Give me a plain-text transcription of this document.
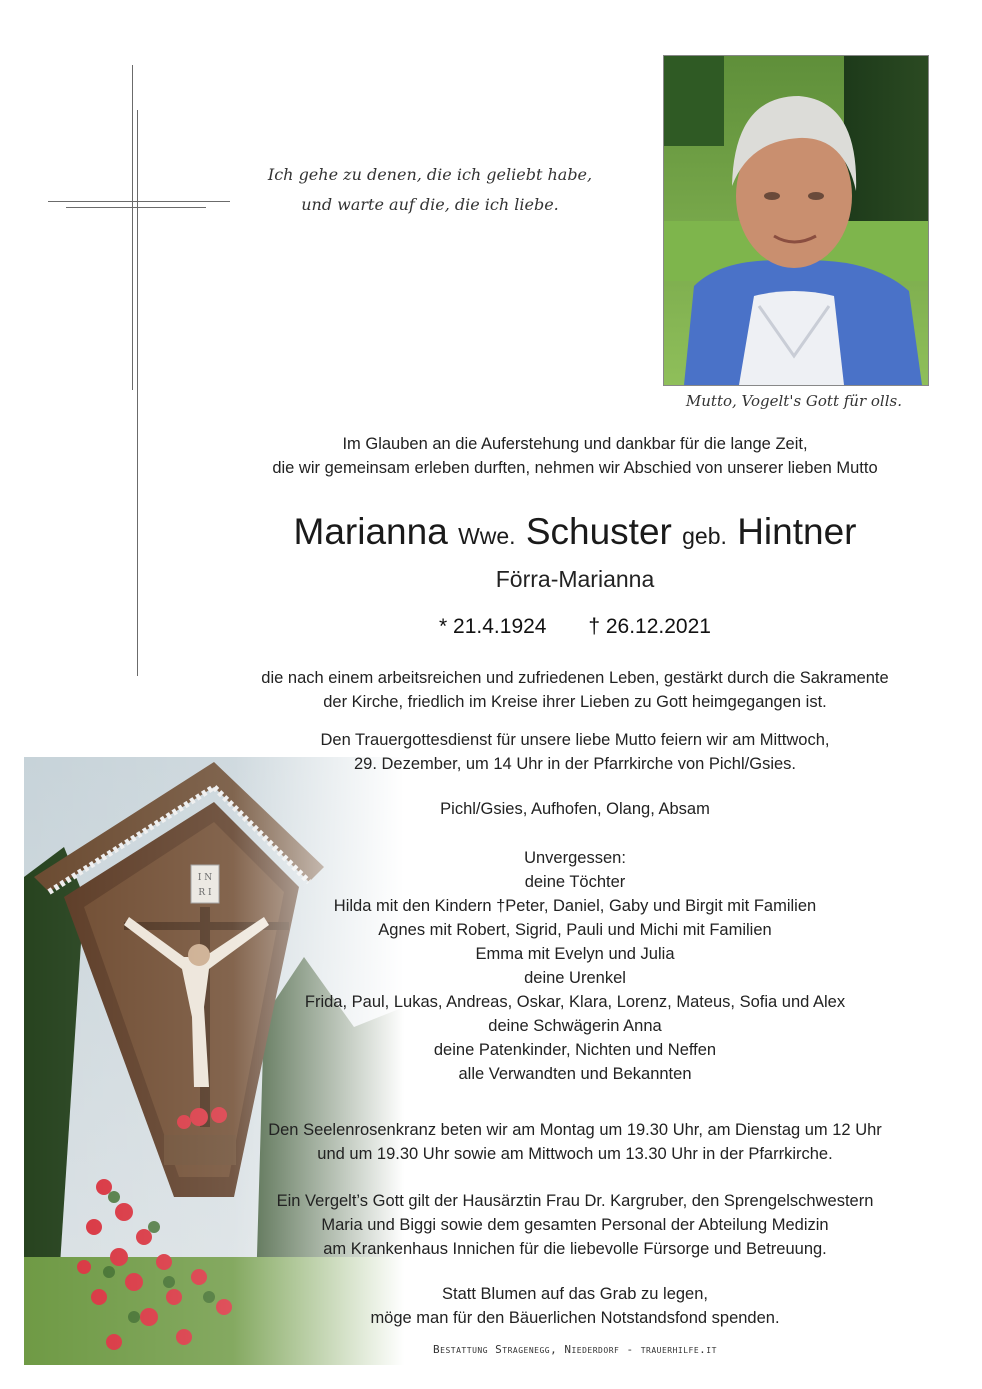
Ich gehe zu denen, die ich geliebt habe,
und warte auf die, die ich liebe.
Mutto, Vogelt's Gott für olls.

Im Glauben an die Auferstehung und dankbar für die lange Zeit,

die wir gemeinsam erleben durften, nehmen wir Abschied von unserer lieben Mutto

Marianna Wwe. Schuster geb. Hintner
Förra-Marianna
* 21.4.1924 † 26.12.2021

die nach einem arbeitsreichen und zufriedenen Leben, gestärkt durch die Sakramente

der Kirche, friedlich im Kreise ihrer Lieben zu Gott heimgegangen ist.

Den Trauergottesdienst für unsere liebe Mutto feiern wir am Mittwoch,

29. Dezember, um 14 Uhr in der Pfarrkirche von Pichl/Gsies.

Pichl/Gsies, Aufhofen, Olang, Absam

Unvergessen:

deine Töchter

Hilda mit den Kindern †Peter, Daniel, Gaby und Birgit mit Familien

Agnes mit Robert, Sigrid, Pauli und Michi mit Familien

Emma mit Evelyn und Julia

deine Urenkel

Frida, Paul, Lukas, Andreas, Oskar, Klara, Lorenz, Mateus, Sofia und Alex

deine Schwägerin Anna

deine Patenkinder, Nichten und Neffen

alle Verwandten und Bekannten

Den Seelenrosenkranz beten wir am Montag um 19.30 Uhr, am Dienstag um 12 Uhr

und um 19.30 Uhr sowie am Mittwoch um 13.30 Uhr in der Pfarrkirche.

Ein Vergelt’s Gott gilt der Hausärztin Frau Dr. Kargruber, den Sprengelschwestern

Maria und Biggi sowie dem gesamten Personal der Abteilung Medizin

am Krankenhaus Innichen für die liebevolle Fürsorge und Betreuung.

Statt Blumen auf das Grab zu legen,

möge man für den Bäuerlichen Notstandsfond spenden.

Bestattung Stragenegg, Niederdorf - trauerhilfe.it
